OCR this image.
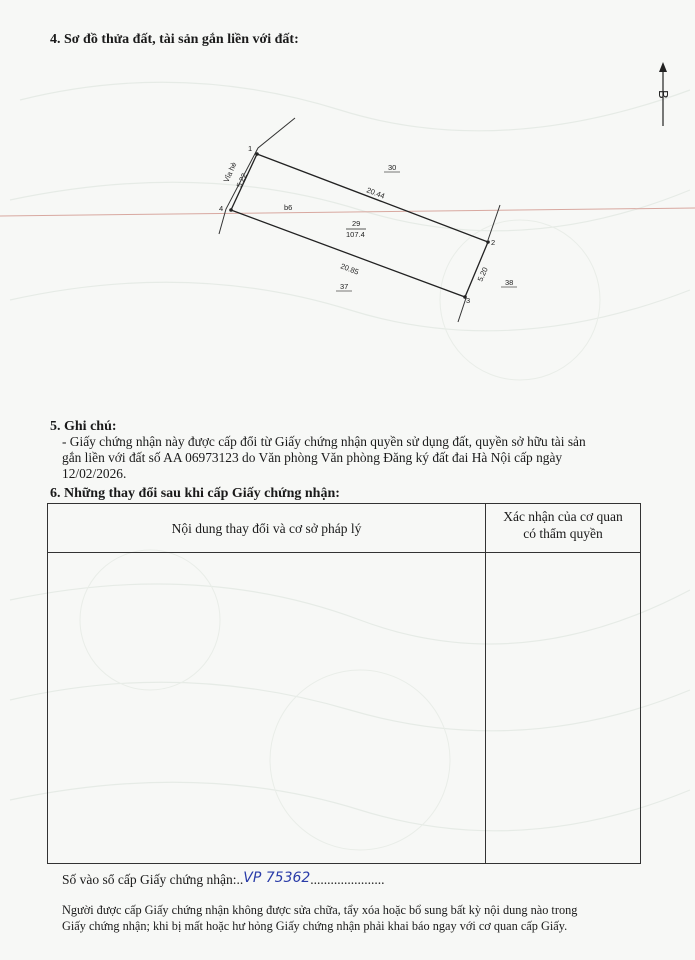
4. Sơ đồ thửa đất, tài sản gắn liền với đất:
B
1
2
3
4
20.44
20.85	5.20
5.22
Vỉa hè
29
107.4
30
37	38
b6
5. Ghi chú:
- Giấy chứng nhận này được cấp đổi từ Giấy chứng nhận quyền sử dụng đất, quyền sở hữu tài sản
gắn liền với đất số AA 06973123 do Văn phòng Văn phòng Đăng ký đất đai Hà Nội cấp ngày
12/02/2026.
6. Những thay đổi sau khi cấp Giấy chứng nhận:
Nội dung thay đổi và cơ sở pháp lý	Xác nhận của cơ quan
có thẩm quyền

Số vào sổ cấp Giấy chứng nhận:..VP 75362......................
Người được cấp Giấy chứng nhận không được sửa chữa, tẩy xóa hoặc bổ sung bất kỳ nội dung nào trong
Giấy chứng nhận; khi bị mất hoặc hư hỏng Giấy chứng nhận phải khai báo ngay với cơ quan cấp Giấy.
